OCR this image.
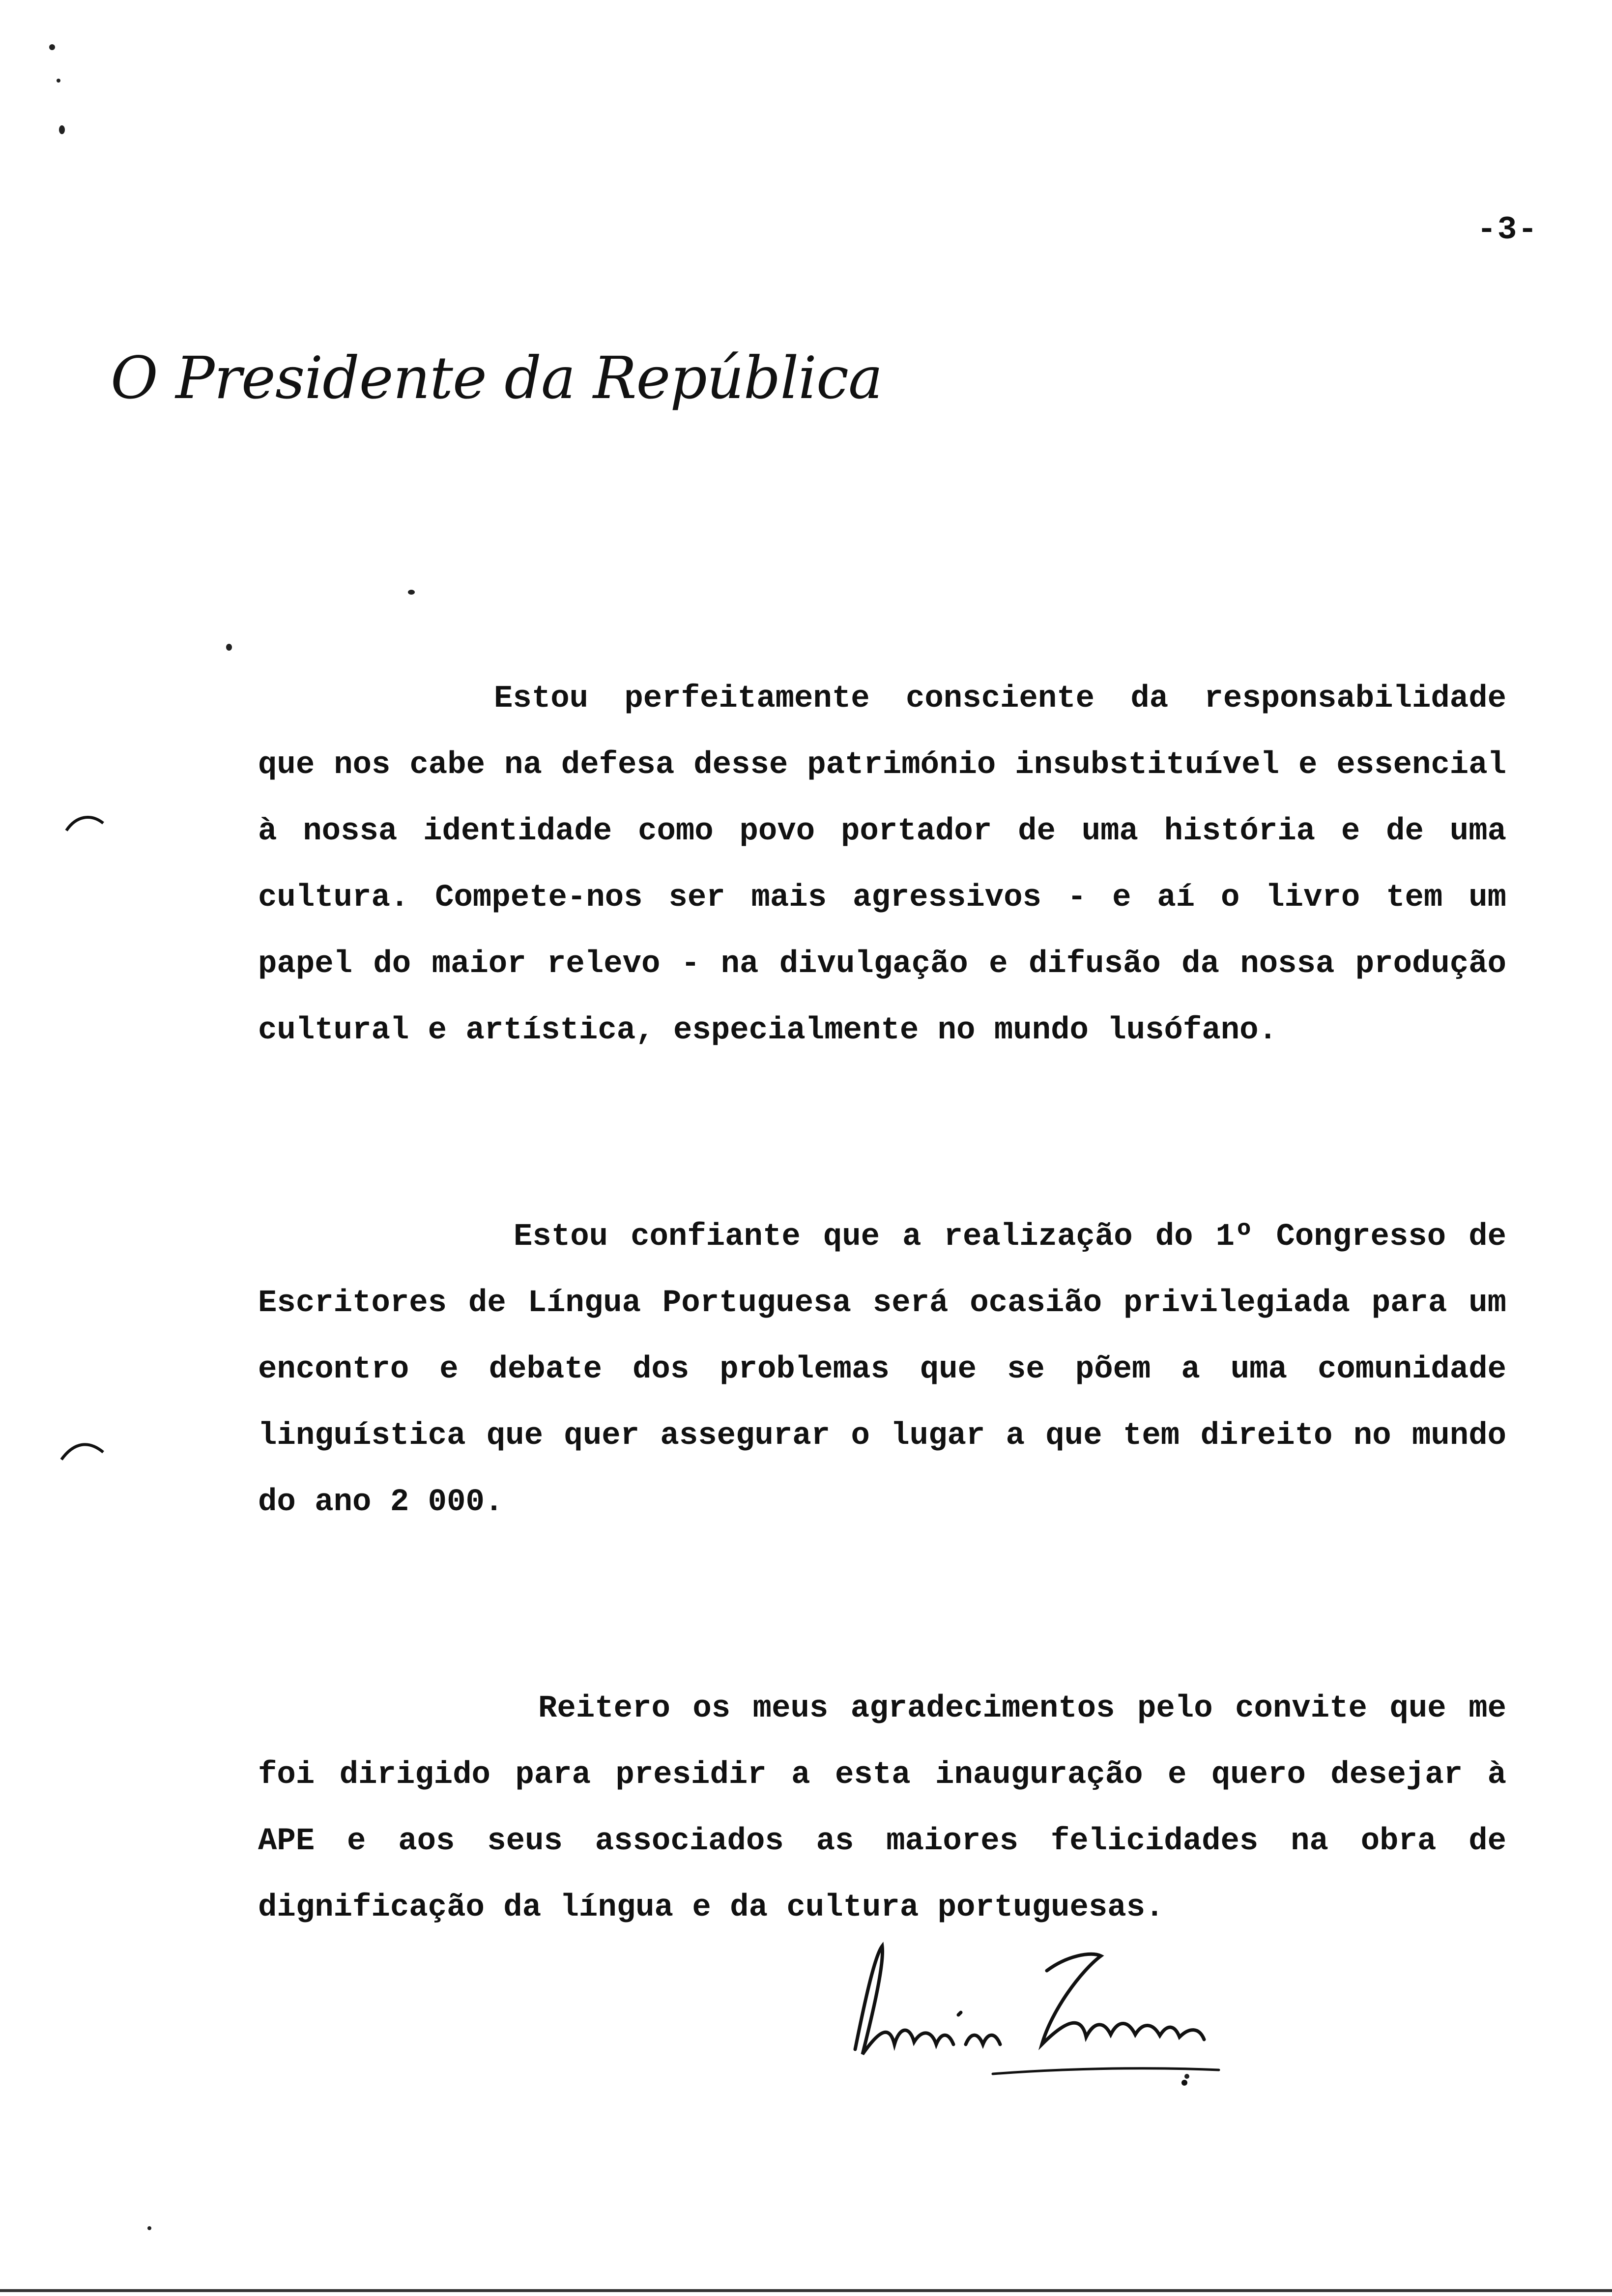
-3-
O Presidente da República

Estou perfeitamente consciente da responsabilidade que nos cabe na defesa desse património insubstituível e essencial à nossa identidade como povo portador de uma história e de uma cultura. Compete-nos ser mais agressivos - e aí o livro tem um papel do maior relevo - na divulgação e difusão da nossa produção cultural e artística, especialmente no mundo lusófano.

Estou confiante que a realização do 1º Congresso de Escritores de Língua Portuguesa será ocasião privilegiada para um encontro e debate dos problemas que se põem a uma comunidade linguística que quer assegurar o lugar a que tem direito no mundo do ano 2 000.

Reitero os meus agradecimentos pelo convite que me foi dirigido para presidir a esta inauguração e quero desejar à APE e aos seus associados as maiores felicidades na obra de dignificação da língua e da cultura portuguesas.
